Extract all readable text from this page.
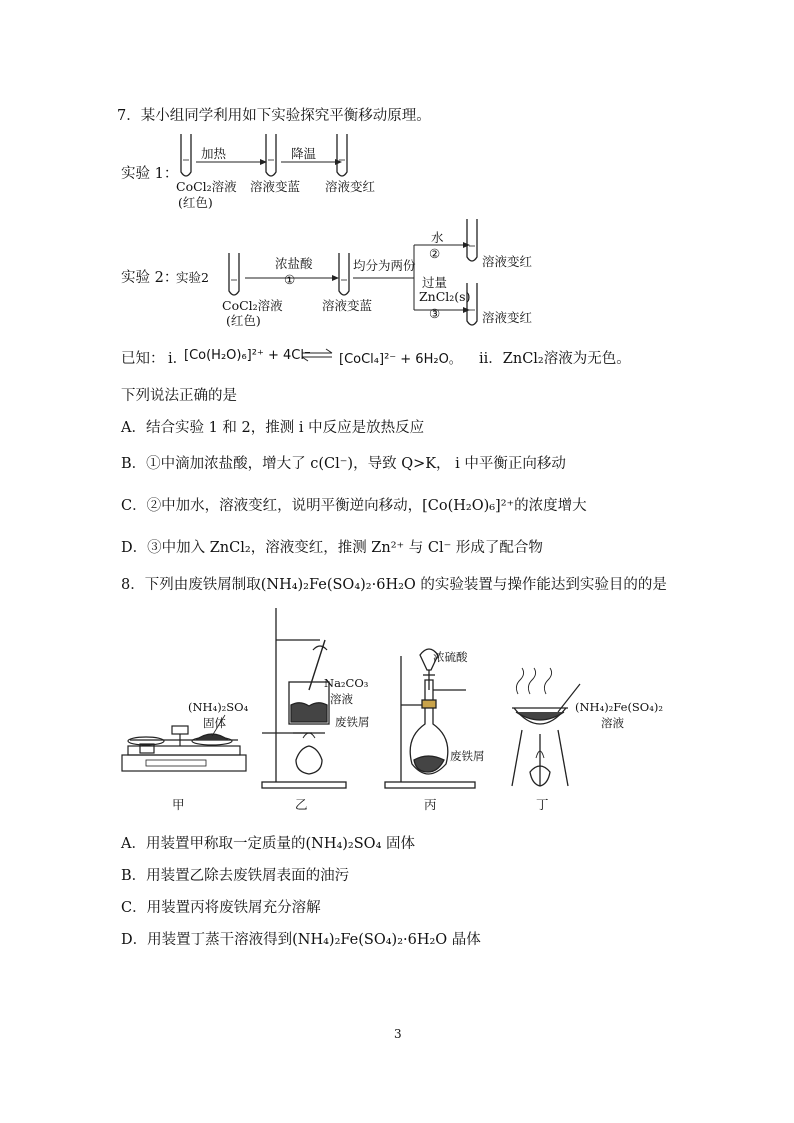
7．某小组同学利用如下实验探究平衡移动原理。
实验 1：
CoCl₂溶液
(红色)
加热
溶液变蓝
降温
溶液变红
实验 2：
实验2
CoCl₂溶液
(红色)
浓盐酸
①
溶液变蓝
均分为两份
水
②
溶液变红
过量
ZnCl₂(s)
③	溶液变红
已知： i．
[Co(H₂O)₆]²⁺ + 4Cl⁻ [CoCl₄]²⁻ + 6H₂O。 ii．ZnCl₂溶液为无色。
下列说法正确的是
A．结合实验 1 和 2，推测 i 中反应是放热反应
B．①中滴加浓盐酸，增大了 c(Cl⁻)，导致 Q>K， i 中平衡正向移动
C．②中加水，溶液变红，说明平衡逆向移动，[Co(H₂O)₆]²⁺的浓度增大
D．③中加入 ZnCl₂，溶液变红，推测 Zn²⁺ 与 Cl⁻ 形成了配合物
8．下列由废铁屑制取(NH₄)₂Fe(SO₄)₂·6H₂O 的实验装置与操作能达到实验目的的是
(NH₄)₂SO₄
固体
甲
Na₂CO₃
溶液
废铁屑
乙
浓硫酸
废铁屑
丙
(NH₄)₂Fe(SO₄)₂
溶液
丁
A．用装置甲称取一定质量的(NH₄)₂SO₄ 固体
B．用装置乙除去废铁屑表面的油污
C．用装置丙将废铁屑充分溶解
D．用装置丁蒸干溶液得到(NH₄)₂Fe(SO₄)₂·6H₂O 晶体
3
